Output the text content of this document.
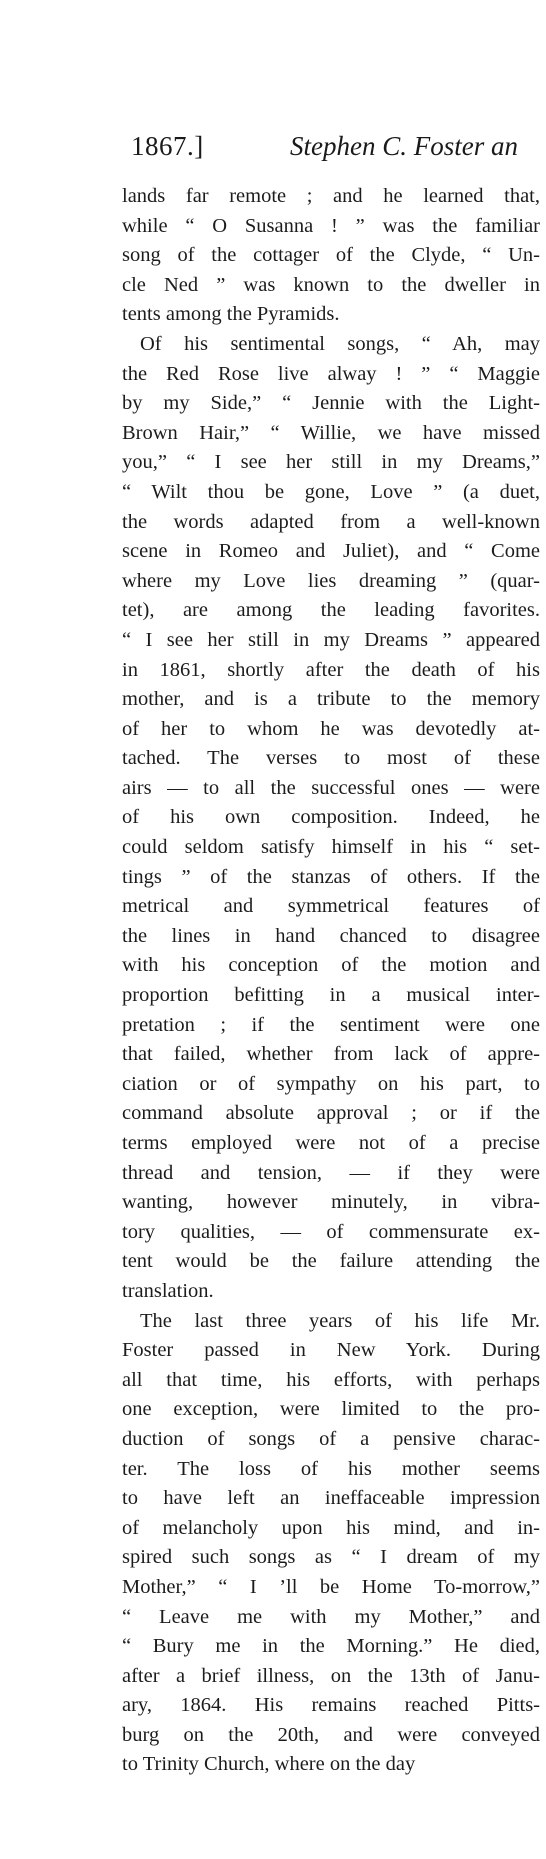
1867.]	Stephen C. Foster an
lands far remote ; and he learned that,
while “ O Susanna ! ” was the familiar
song of the cottager of the Clyde, “ Un-
cle Ned ” was known to the dweller in
tents among the Pyramids.
Of his sentimental songs, “ Ah, may
the Red Rose live alway ! ” “ Maggie
by my Side,” “ Jennie with the Light-
Brown Hair,” “ Willie, we have missed
you,” “ I see her still in my Dreams,”
“ Wilt thou be gone, Love ” (a duet,
the words adapted from a well-known
scene in Romeo and Juliet), and “ Come
where my Love lies dreaming ” (quar-
tet), are among the leading favorites.
“ I see her still in my Dreams ” appeared
in 1861, shortly after the death of his
mother, and is a tribute to the memory
of her to whom he was devotedly at-
tached. The verses to most of these
airs — to all the successful ones — were
of his own composition. Indeed, he
could seldom satisfy himself in his “ set-
tings ” of the stanzas of others. If the
metrical and symmetrical features of
the lines in hand chanced to disagree
with his conception of the motion and
proportion befitting in a musical inter-
pretation ; if the sentiment were one
that failed, whether from lack of appre-
ciation or of sympathy on his part, to
command absolute approval ; or if the
terms employed were not of a precise
thread and tension, — if they were
wanting, however minutely, in vibra-
tory qualities, — of commensurate ex-
tent would be the failure attending the
translation.
The last three years of his life Mr.
Foster passed in New York. During
all that time, his efforts, with perhaps
one exception, were limited to the pro-
duction of songs of a pensive charac-
ter. The loss of his mother seems
to have left an ineffaceable impression
of melancholy upon his mind, and in-
spired such songs as “ I dream of my
Mother,” “ I ’ll be Home To-morrow,”
“ Leave me with my Mother,” and
“ Bury me in the Morning.” He died,
after a brief illness, on the 13th of Janu-
ary, 1864. His remains reached Pitts-
burg on the 20th, and were conveyed
to Trinity Church, where on the day
